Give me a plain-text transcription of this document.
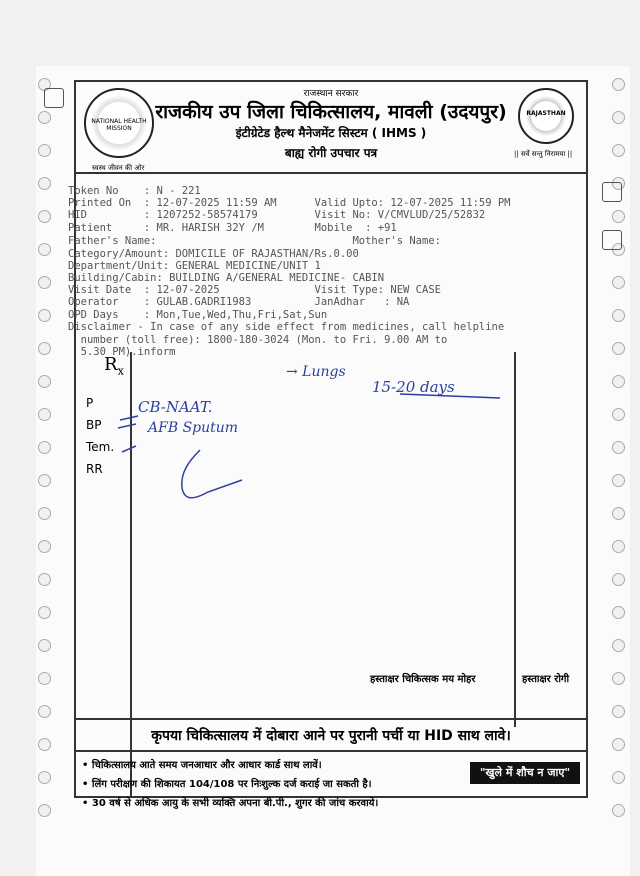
NATIONAL HEALTH MISSION
स्वस्थ जीवन की ओर
राजस्थान सरकार
राजकीय उप जिला चिकित्सालय, मावली (उदयपुर)
इंटीग्रेटेड हैल्थ मैनेजमेंट सिस्टम ( IHMS )
बाह्य रोगी उपचार पत्र
RAJASTHAN
|| सर्वे सन्तु निरामया ||
Token No    : N - 221
Printed On  : 12-07-2025 11:59 AM      Valid Upto: 12-07-2025 11:59 PM
HID         : 1207252-58574179         Visit No: V/CMVLUD/25/52832
Patient     : MR. HARISH 32Y /M        Mobile  : +91
Father's Name:                               Mother's Name:
Category/Amount: DOMICILE OF RAJASTHAN/Rs.0.00
Department/Unit: GENERAL MEDICINE/UNIT 1
Building/Cabin: BUILDING A/GENERAL MEDICINE- CABIN
Visit Date  : 12-07-2025               Visit Type: NEW CASE
Operator    : GULAB.GADRI1983          JanAdhar   : NA
OPD Days    : Mon,Tue,Wed,Thu,Fri,Sat,Sun
Disclaimer - In case of any side effect from medicines, call helpline
number (toll free): 1800-180-3024 (Mon. to Fri. 9.00 AM to
5.30 PM).inform
$R_x$
P
BP
Tem.
RR
→ Lungs
15-20 days
CB-NAAT.
AFB Sputum
हस्ताक्षर चिकित्सक मय मोहर	हस्ताक्षर रोगी
कृपया चिकित्सालय में दोबारा आने पर पुरानी पर्ची या HID साथ लावे।
• चिकित्सालय आते समय जनआधार और आधार कार्ड साथ लावें।
• लिंग परीक्षण की शिकायत 104/108 पर निःशुल्क दर्ज कराई जा सकती है।
• 30 वर्ष से अधिक आयु के सभी व्यक्ति अपना बी.पी., शुगर की जांच करवाये।
"खुले में शौच न जाए"
